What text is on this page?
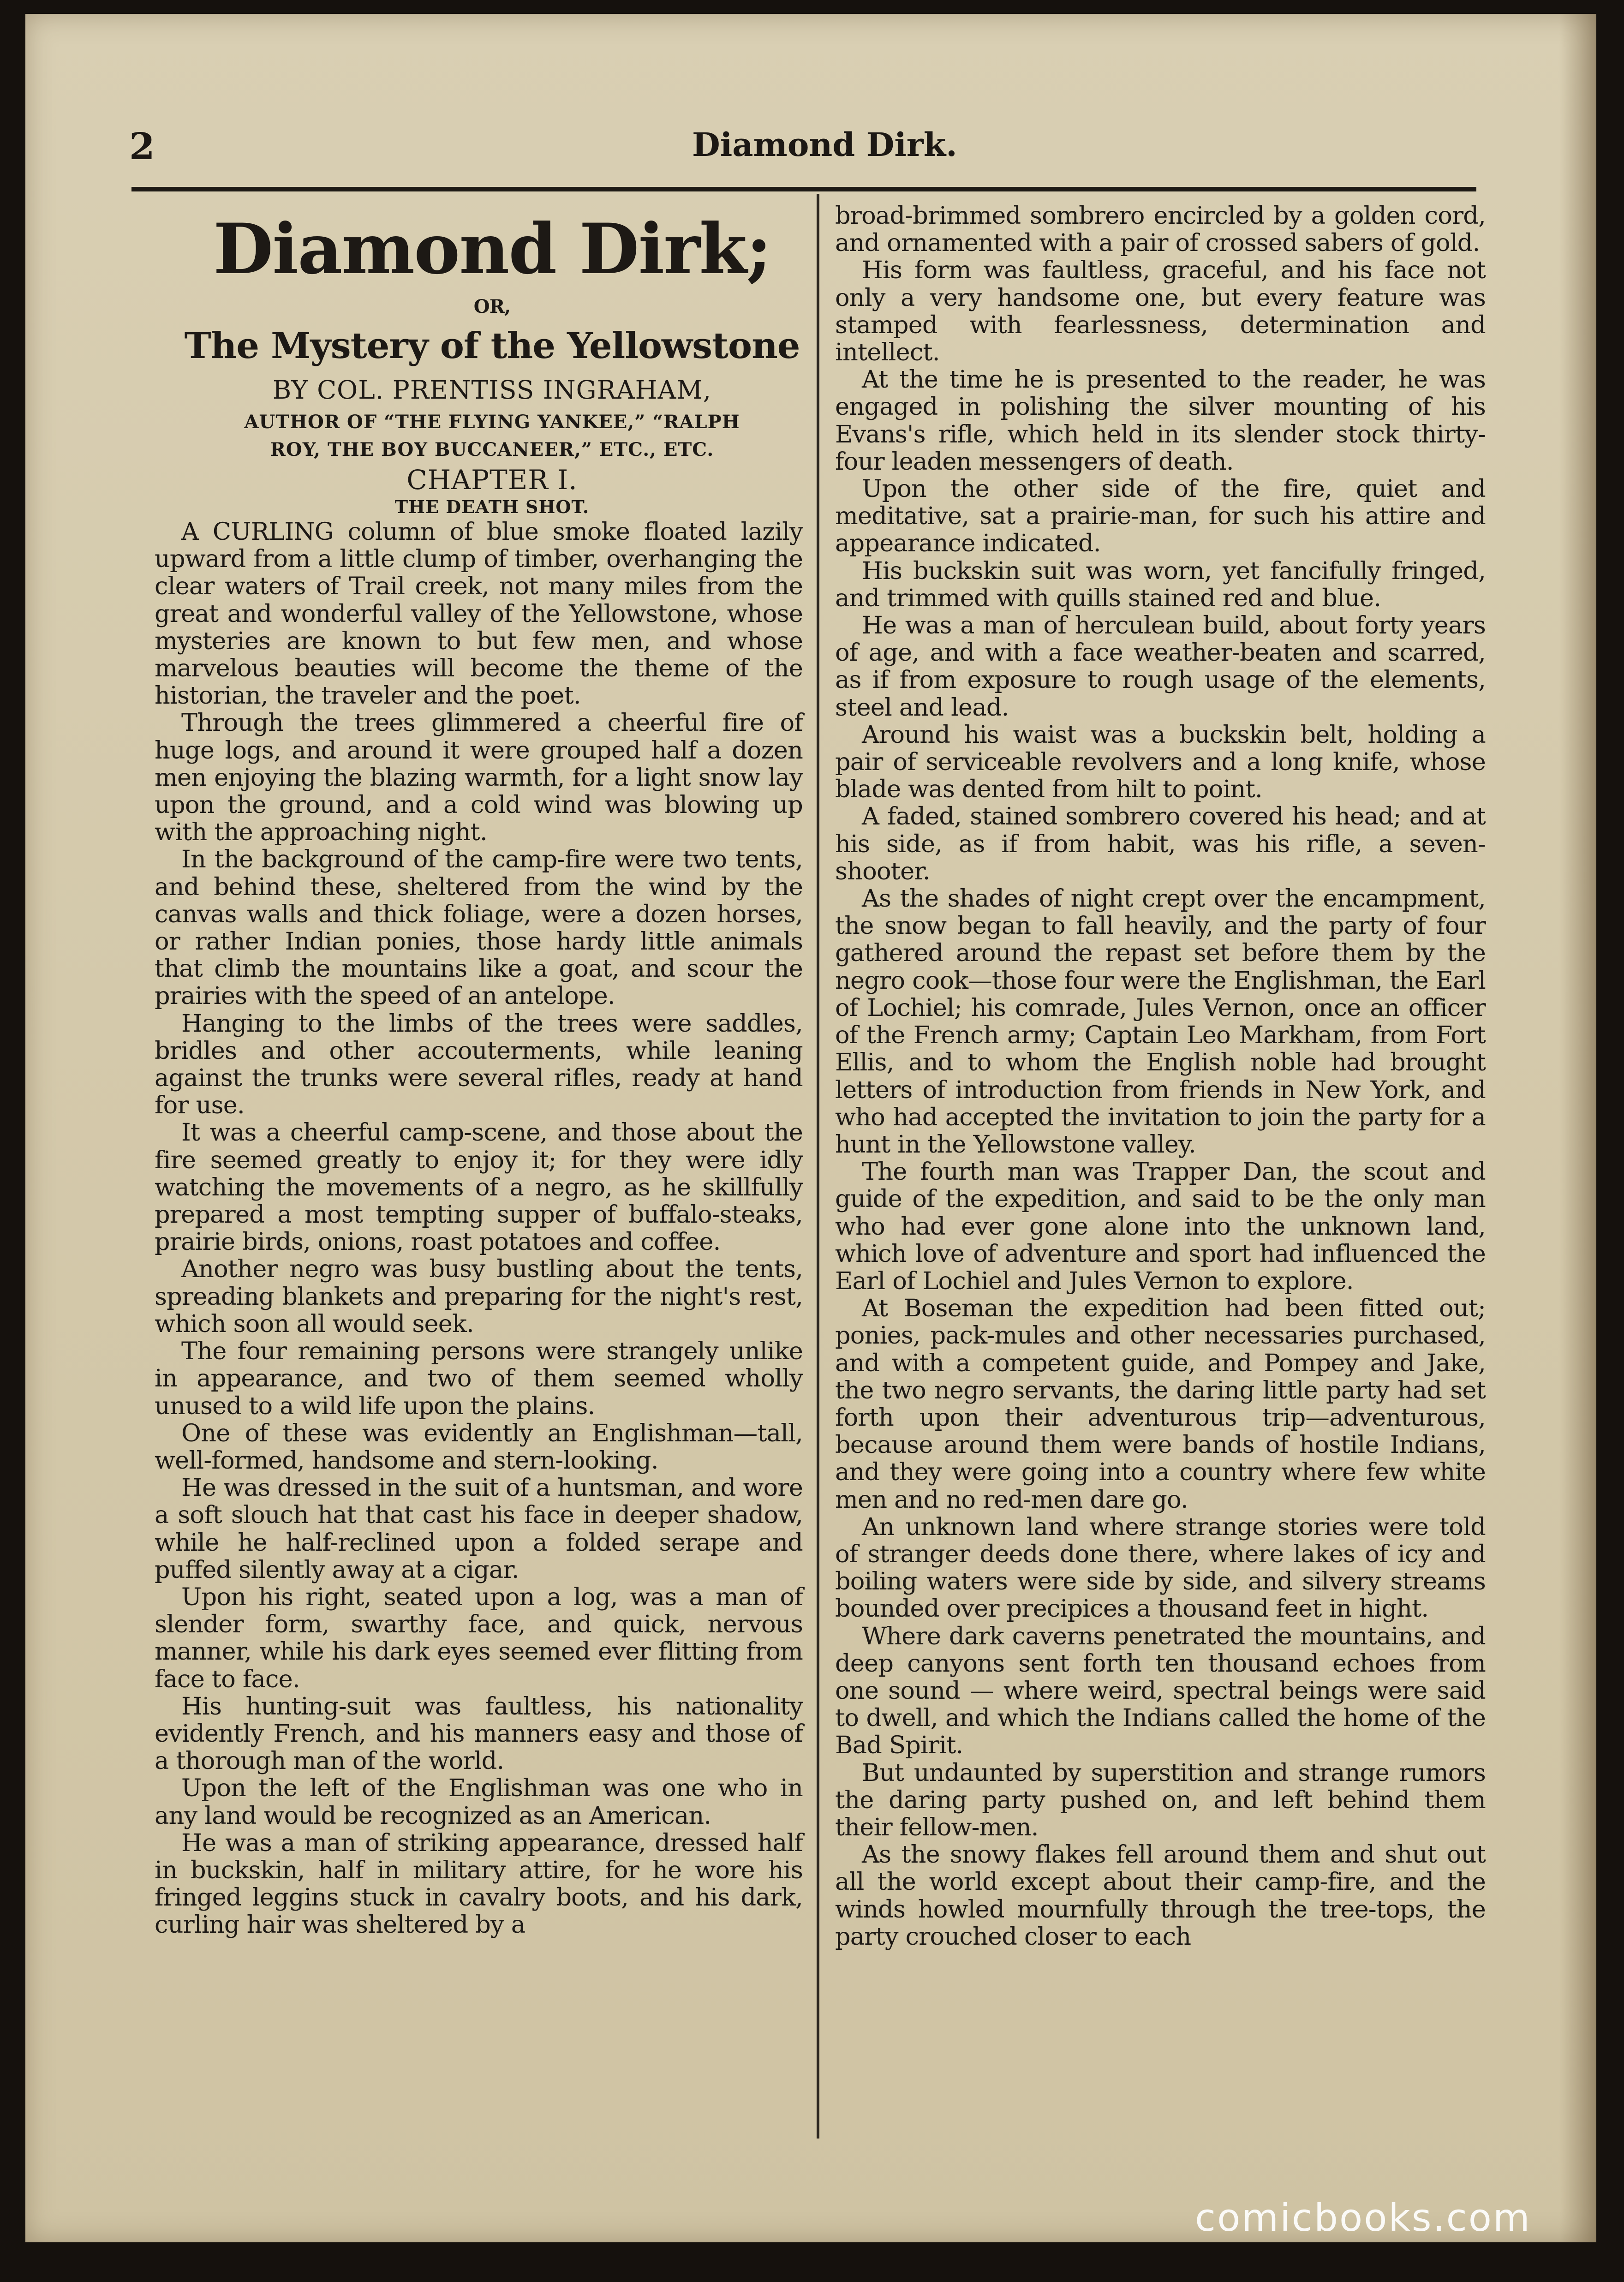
2	Diamond Dirk.

Diamond Dirk;

OR,

The Mystery of the Yellowstone

BY COL. PRENTISS INGRAHAM,

AUTHOR OF “THE FLYING YANKEE,” “RALPH

ROY, THE BOY BUCCANEER,” ETC., ETC.

CHAPTER I.

THE DEATH SHOT.

A CURLING column of blue smoke floated lazily upward from a little clump of timber, overhanging the clear waters of Trail creek, not many miles from the great and wonderful valley of the Yellowstone, whose mysteries are known to but few men, and whose marvelous beauties will become the theme of the historian, the traveler and the poet.

Through the trees glimmered a cheerful fire of huge logs, and around it were grouped half a dozen men enjoying the blazing warmth, for a light snow lay upon the ground, and a cold wind was blowing up with the approaching night.

In the background of the camp-fire were two tents, and behind these, sheltered from the wind by the canvas walls and thick foliage, were a dozen horses, or rather Indian ponies, those hardy little animals that climb the mountains like a goat, and scour the prairies with the speed of an antelope.

Hanging to the limbs of the trees were saddles, bridles and other accouterments, while leaning against the trunks were several rifles, ready at hand for use.

It was a cheerful camp-scene, and those about the fire seemed greatly to enjoy it; for they were idly watching the movements of a negro, as he skillfully prepared a most tempting supper of buffalo-steaks, prairie birds, onions, roast potatoes and coffee.

Another negro was busy bustling about the tents, spreading blankets and preparing for the night's rest, which soon all would seek.

The four remaining persons were strangely unlike in appearance, and two of them seemed wholly unused to a wild life upon the plains.

One of these was evidently an Englishman—tall, well-formed, handsome and stern-looking.

He was dressed in the suit of a huntsman, and wore a soft slouch hat that cast his face in deeper shadow, while he half-reclined upon a folded serape and puffed silently away at a cigar.

Upon his right, seated upon a log, was a man of slender form, swarthy face, and quick, nervous manner, while his dark eyes seemed ever flitting from face to face.

His hunting-suit was faultless, his nationality evidently French, and his manners easy and those of a thorough man of the world.

Upon the left of the Englishman was one who in any land would be recognized as an American.

He was a man of striking appearance, dressed half in buckskin, half in military attire, for he wore his fringed leggins stuck in cavalry boots, and his dark, curling hair was sheltered by a

broad-brimmed sombrero encircled by a golden cord, and ornamented with a pair of crossed sabers of gold.

His form was faultless, graceful, and his face not only a very handsome one, but every feature was stamped with fearlessness, determination and intellect.

At the time he is presented to the reader, he was engaged in polishing the silver mounting of his Evans's rifle, which held in its slender stock thirty-four leaden messengers of death.

Upon the other side of the fire, quiet and meditative, sat a prairie-man, for such his attire and appearance indicated.

His buckskin suit was worn, yet fancifully fringed, and trimmed with quills stained red and blue.

He was a man of herculean build, about forty years of age, and with a face weather-beaten and scarred, as if from exposure to rough usage of the elements, steel and lead.

Around his waist was a buckskin belt, holding a pair of serviceable revolvers and a long knife, whose blade was dented from hilt to point.

A faded, stained sombrero covered his head; and at his side, as if from habit, was his rifle, a seven-shooter.

As the shades of night crept over the encampment, the snow began to fall heavily, and the party of four gathered around the repast set before them by the negro cook—those four were the Englishman, the Earl of Lochiel; his comrade, Jules Vernon, once an officer of the French army; Captain Leo Markham, from Fort Ellis, and to whom the English noble had brought letters of introduction from friends in New York, and who had accepted the invitation to join the party for a hunt in the Yellowstone valley.

The fourth man was Trapper Dan, the scout and guide of the expedition, and said to be the only man who had ever gone alone into the unknown land, which love of adventure and sport had influenced the Earl of Lochiel and Jules Vernon to explore.

At Boseman the expedition had been fitted out; ponies, pack-mules and other necessaries purchased, and with a competent guide, and Pompey and Jake, the two negro servants, the daring little party had set forth upon their adventurous trip—adventurous, because around them were bands of hostile Indians, and they were going into a country where few white men and no red-men dare go.

An unknown land where strange stories were told of stranger deeds done there, where lakes of icy and boiling waters were side by side, and silvery streams bounded over precipices a thousand feet in hight.

Where dark caverns penetrated the mountains, and deep canyons sent forth ten thousand echoes from one sound — where weird, spectral beings were said to dwell, and which the Indians called the home of the Bad Spirit.

But undaunted by superstition and strange rumors the daring party pushed on, and left behind them their fellow-men.

As the snowy flakes fell around them and shut out all the world except about their camp-fire, and the winds howled mournfully through the tree-tops, the party crouched closer to each

comicbooks.com
